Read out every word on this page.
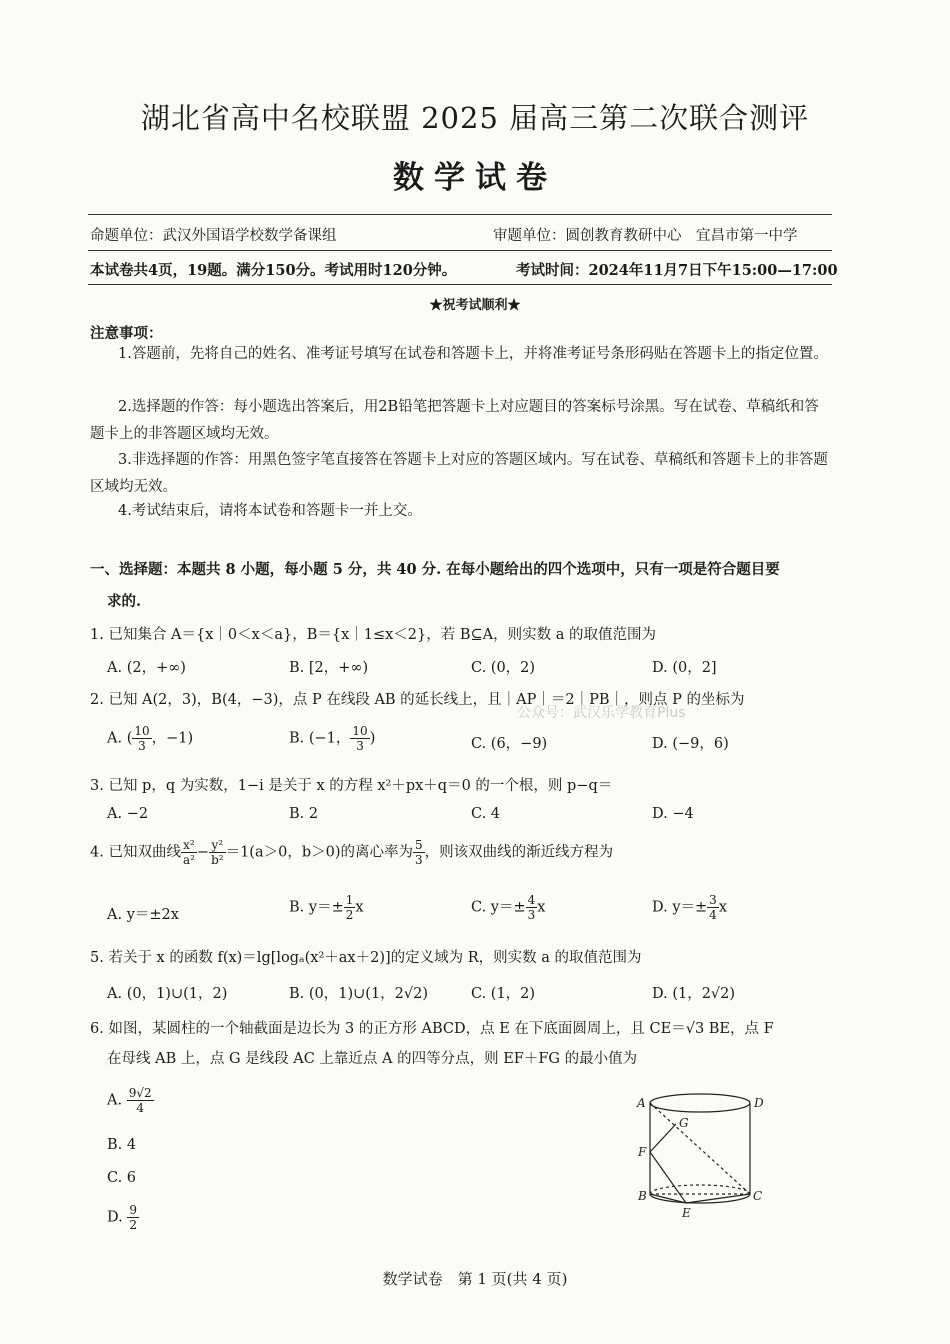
湖北省高中名校联盟 2025 届高三第二次联合测评
数学试卷
命题单位：武汉外国语学校数学备课组	审题单位：圆创教育教研中心　宜昌市第一中学
本试卷共4页，19题。满分150分。考试用时120分钟。	考试时间：2024年11月7日下午15:00—17:00
★祝考试顺利★
注意事项：
1.答题前，先将自己的姓名、准考证号填写在试卷和答题卡上，并将准考证号条形码贴在答题卡上的指定位置。
2.选择题的作答：每小题选出答案后，用2B铅笔把答题卡上对应题目的答案标号涂黑。写在试卷、草稿纸和答题卡上的非答题区域均无效。
3.非选择题的作答：用黑色签字笔直接答在答题卡上对应的答题区域内。写在试卷、草稿纸和答题卡上的非答题区域均无效。
4.考试结束后，请将本试卷和答题卡一并上交。
一、选择题：本题共 8 小题，每小题 5 分，共 40 分. 在每小题给出的四个选项中，只有一项是符合题目要
求的.
1. 已知集合 A＝{x｜0＜x＜a}，B＝{x｜1≤x＜2}，若 B⊆A，则实数 a 的取值范围为
A. (2，+∞)	B. [2，+∞)	C. (0，2)	D. (0，2]
2. 已知 A(2，3)，B(4，−3)，点 P 在线段 AB 的延长线上，且｜AP｜＝2｜PB｜，则点 P 的坐标为
公众号：武汉乐学教育Plus
A. ( $\frac{10}{3}$ ，−1)	B. (−1， $\frac{10}{3}$ )	C. (6，−9)	D. (−9，6)
3. 已知 p，q 为实数，1−i 是关于 x 的方程 x²＋px＋q＝0 的一个根，则 p−q＝
A. −2	B. 2	C. 4	D. −4
4. 已知双曲线 $\frac{\text{x²}}{\text{a²}} - \frac{\text{y²}}{\text{b²}} =1(a>0$，b＞0)的离心率为 $\frac{5}{3}$ ，则该双曲线的渐近线方程为
A. y＝±2x	B. $y=\pm \frac{1}{2}$ x	C. $y=\pm \frac{4}{3}$ x	D. $y=\pm \frac{3}{4}$ x
5. 若关于 x 的函数 f(x)＝lg[logₐ(x²＋ax＋2)]的定义域为 R，则实数 a 的取值范围为
A. (0，1)∪(1，2)	B. (0，1)∪(1，2√2)	C. (1，2)	D. (1，2√2)
6. 如图，某圆柱的一个轴截面是边长为 3 的正方形 ABCD，点 E 在下底面圆周上，且 CE＝√3 BE，点 F
在母线 AB 上，点 G 是线段 AC 上靠近点 A 的四等分点，则 EF＋FG 的最小值为
A. $\frac{9√2}{4}$
B. 4
C. 6
D. $\frac{9}{2}$
A	D
G
F
B	C
E
数学试卷　第 1 页(共 4 页)
